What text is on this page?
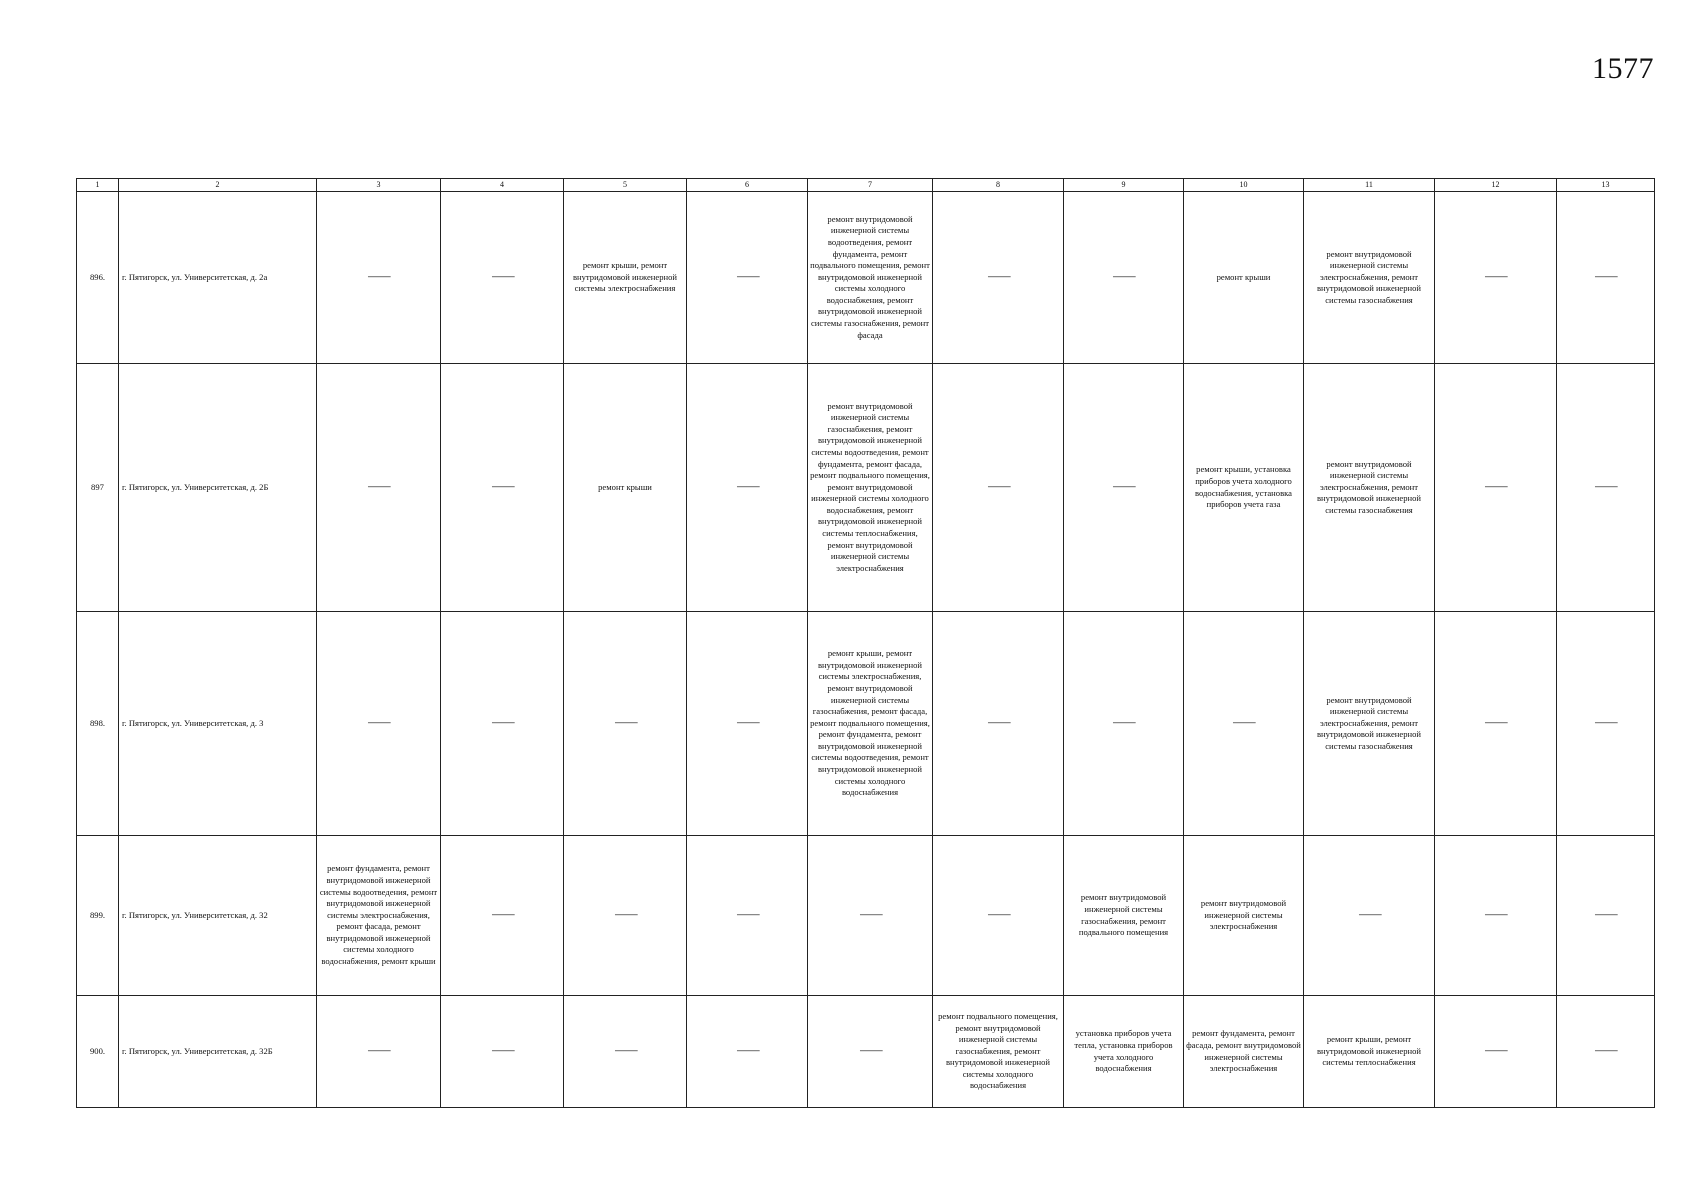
1577
1	2	3	4	5	6	7	8	9	10	11	12	13
896.	г. Пятигорск, ул. Университетская, д. 2а	—	—	ремонт крыши, ремонт внутридомовой инженерной системы электроснабжения	—	ремонт внутридомовой инженерной системы водоотведения, ремонт фундамента, ремонт подвального помещения, ремонт внутридомовой инженерной системы холодного водоснабжения, ремонт внутридомовой инженерной системы газоснабжения, ремонт фасада	—	—	ремонт крыши	ремонт внутридомовой инженерной системы электроснабжения, ремонт внутридомовой инженерной системы газоснабжения	—	—
897	г. Пятигорск, ул. Университетская, д. 2Б	—	—	ремонт крыши	—	ремонт внутридомовой инженерной системы газоснабжения, ремонт внутридомовой инженерной системы водоотведения, ремонт фундамента, ремонт фасада, ремонт подвального помещения, ремонт внутридомовой инженерной системы холодного водоснабжения, ремонт внутридомовой инженерной системы теплоснабжения, ремонт внутридомовой инженерной системы электроснабжения	—	—	ремонт крыши, установка приборов учета холодного водоснабжения, установка приборов учета газа	ремонт внутридомовой инженерной системы электроснабжения, ремонт внутридомовой инженерной системы газоснабжения	—	—
898.	г. Пятигорск, ул. Университетская, д. 3	—	—	—	—	ремонт крыши, ремонт внутридомовой инженерной системы электроснабжения, ремонт внутридомовой инженерной системы газоснабжения, ремонт фасада, ремонт подвального помещения, ремонт фундамента, ремонт внутридомовой инженерной системы водоотведения, ремонт внутридомовой инженерной системы холодного водоснабжения	—	—	—	ремонт внутридомовой инженерной системы электроснабжения, ремонт внутридомовой инженерной системы газоснабжения	—	—
899.	г. Пятигорск, ул. Университетская, д. 32	ремонт фундамента, ремонт внутридомовой инженерной системы водоотведения, ремонт внутридомовой инженерной системы электроснабжения, ремонт фасада, ремонт внутридомовой инженерной системы холодного водоснабжения, ремонт крыши	—	—	—	—	—	ремонт внутридомовой инженерной системы газоснабжения, ремонт подвального помещения	ремонт внутридомовой инженерной системы электроснабжения	—	—	—
900.	г. Пятигорск, ул. Университетская, д. 32Б	—	—	—	—	—	ремонт подвального помещения, ремонт внутридомовой инженерной системы газоснабжения, ремонт внутридомовой инженерной системы холодного водоснабжения	установка приборов учета тепла, установка приборов учета холодного водоснабжения	ремонт фундамента, ремонт фасада, ремонт внутридомовой инженерной системы электроснабжения	ремонт крыши, ремонт внутридомовой инженерной системы теплоснабжения	—	—
